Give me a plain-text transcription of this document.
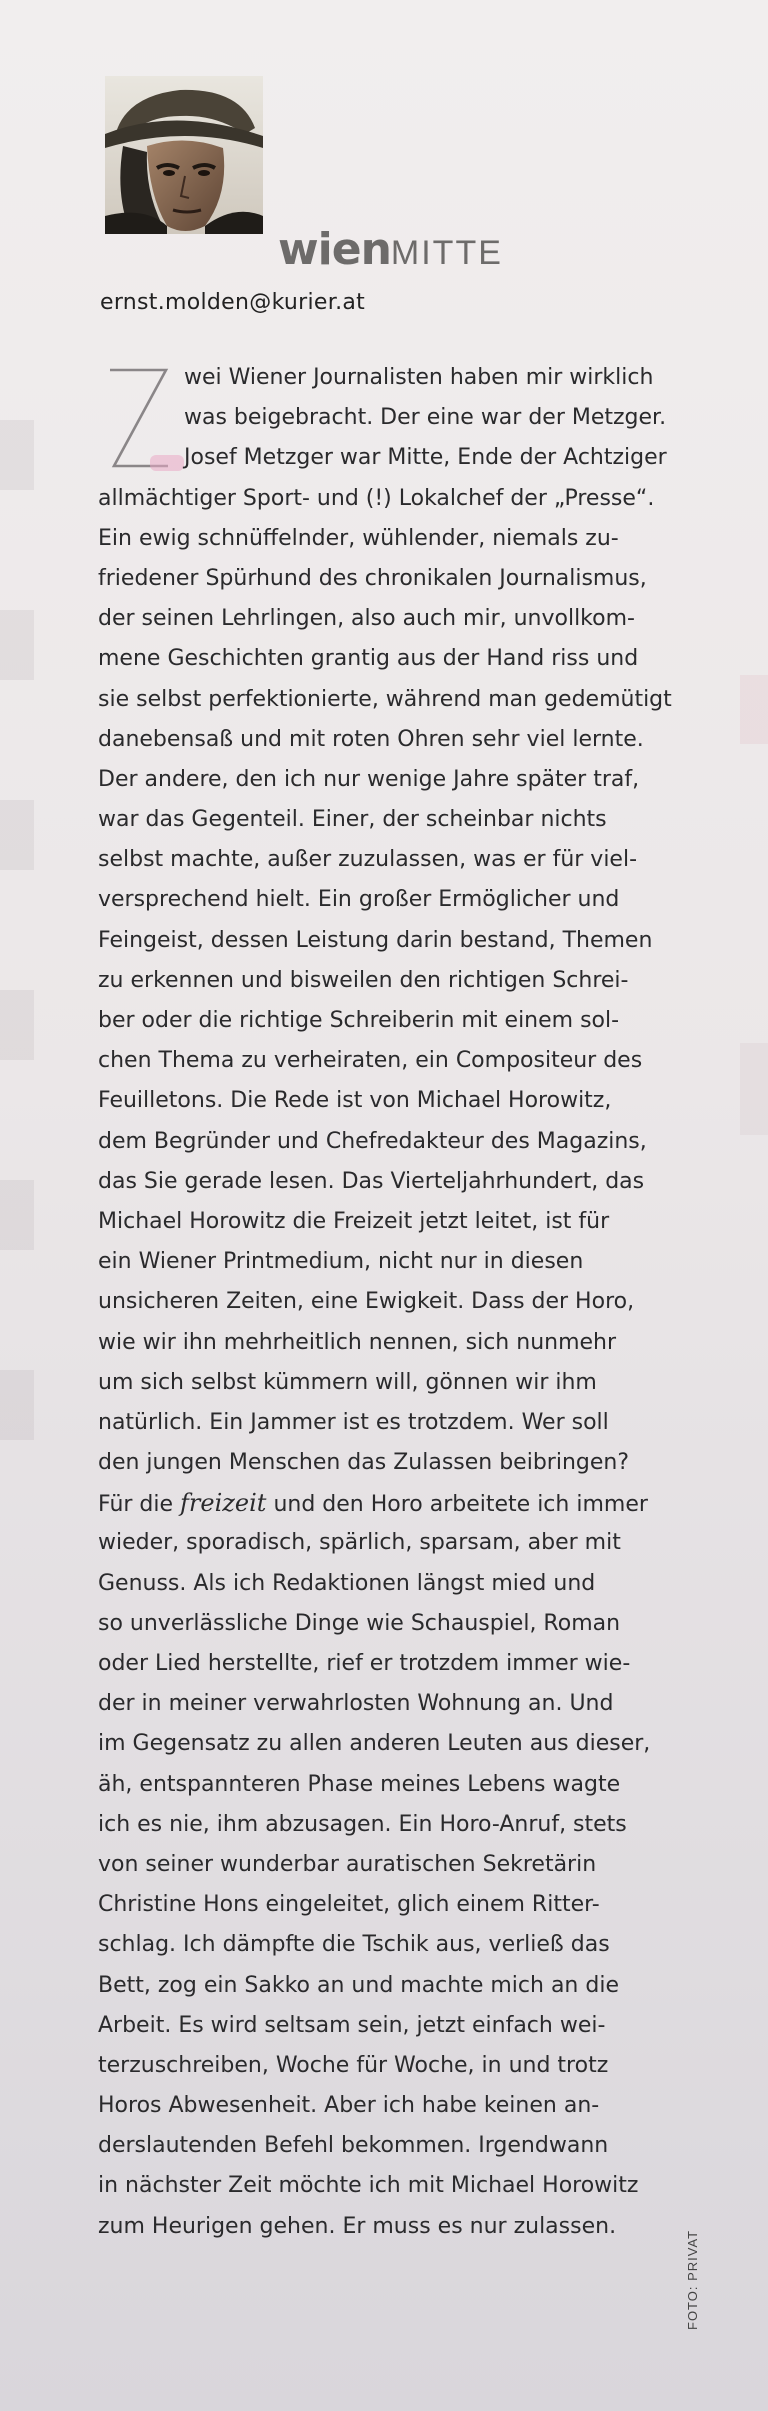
wienMITTE
ernst.molden@kurier.at
wei Wiener Journalisten haben mir wirklich
was beigebracht. Der eine war der Metzger.
Josef Metzger war Mitte, Ende der Achtziger
allmächtiger Sport- und (!) Lokalchef der „Presse“.
Ein ewig schnüffelnder, wühlender, niemals zu-
friedener Spürhund des chronikalen Journalismus,
der seinen Lehrlingen, also auch mir, unvollkom-
mene Geschichten grantig aus der Hand riss und
sie selbst perfektionierte, während man gedemütigt
danebensaß und mit roten Ohren sehr viel lernte.
Der andere, den ich nur wenige Jahre später traf,
war das Gegenteil. Einer, der scheinbar nichts
selbst machte, außer zuzulassen, was er für viel-
versprechend hielt. Ein großer Ermöglicher und
Feingeist, dessen Leistung darin bestand, Themen
zu erkennen und bisweilen den richtigen Schrei-
ber oder die richtige Schreiberin mit einem sol-
chen Thema zu verheiraten, ein Compositeur des
Feuilletons. Die Rede ist von Michael Horowitz,
dem Begründer und Chefredakteur des Magazins,
das Sie gerade lesen. Das Vierteljahrhundert, das
Michael Horowitz die Freizeit jetzt leitet, ist für
ein Wiener Printmedium, nicht nur in diesen
unsicheren Zeiten, eine Ewigkeit. Dass der Horo,
wie wir ihn mehrheitlich nennen, sich nunmehr
um sich selbst kümmern will, gönnen wir ihm
natürlich. Ein Jammer ist es trotzdem. Wer soll
den jungen Menschen das Zulassen beibringen?
Für die freizeit und den Horo arbeitete ich immer
wieder, sporadisch, spärlich, sparsam, aber mit
Genuss. Als ich Redaktionen längst mied und
so unverlässliche Dinge wie Schauspiel, Roman
oder Lied herstellte, rief er trotzdem immer wie-
der in meiner verwahrlosten Wohnung an. Und
im Gegensatz zu allen anderen Leuten aus dieser,
äh, entspannteren Phase meines Lebens wagte
ich es nie, ihm abzusagen. Ein Horo-Anruf, stets
von seiner wunderbar auratischen Sekretärin
Christine Hons eingeleitet, glich einem Ritter-
schlag. Ich dämpfte die Tschik aus, verließ das
Bett, zog ein Sakko an und machte mich an die
Arbeit. Es wird seltsam sein, jetzt einfach wei-
terzuschreiben, Woche für Woche, in und trotz
Horos Abwesenheit. Aber ich habe keinen an-
derslautenden Befehl bekommen. Irgendwann
in nächster Zeit möchte ich mit Michael Horowitz
zum Heurigen gehen. Er muss es nur zulassen.
FOTO: PRIVAT
